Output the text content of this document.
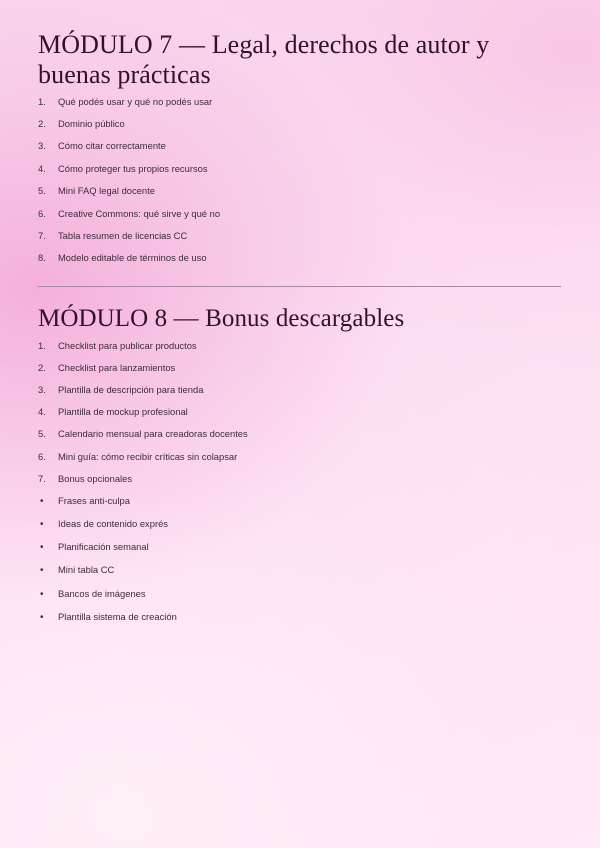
MÓDULO 7 — Legal, derechos de autor y buenas prácticas
1.	Qué podés usar y qué no podés usar
2.	Dominio público
3.	Cómo citar correctamente
4.	Cómo proteger tus propios recursos
5.	Mini FAQ legal docente
6.	Creative Commons: qué sirve y qué no
7.	Tabla resumen de licencias CC
8.	Modelo editable de términos de uso
MÓDULO 8 — Bonus descargables
1.	Checklist para publicar productos
2.	Checklist para lanzamientos
3.	Plantilla de descripción para tienda
4.	Plantilla de mockup profesional
5.	Calendario mensual para creadoras docentes
6.	Mini guía: cómo recibir críticas sin colapsar
7.	Bonus opcionales
•	Frases anti-culpa
•	Ideas de contenido exprés
•	Planificación semanal
•	Mini tabla CC
•	Bancos de imágenes
•	Plantilla sistema de creación
